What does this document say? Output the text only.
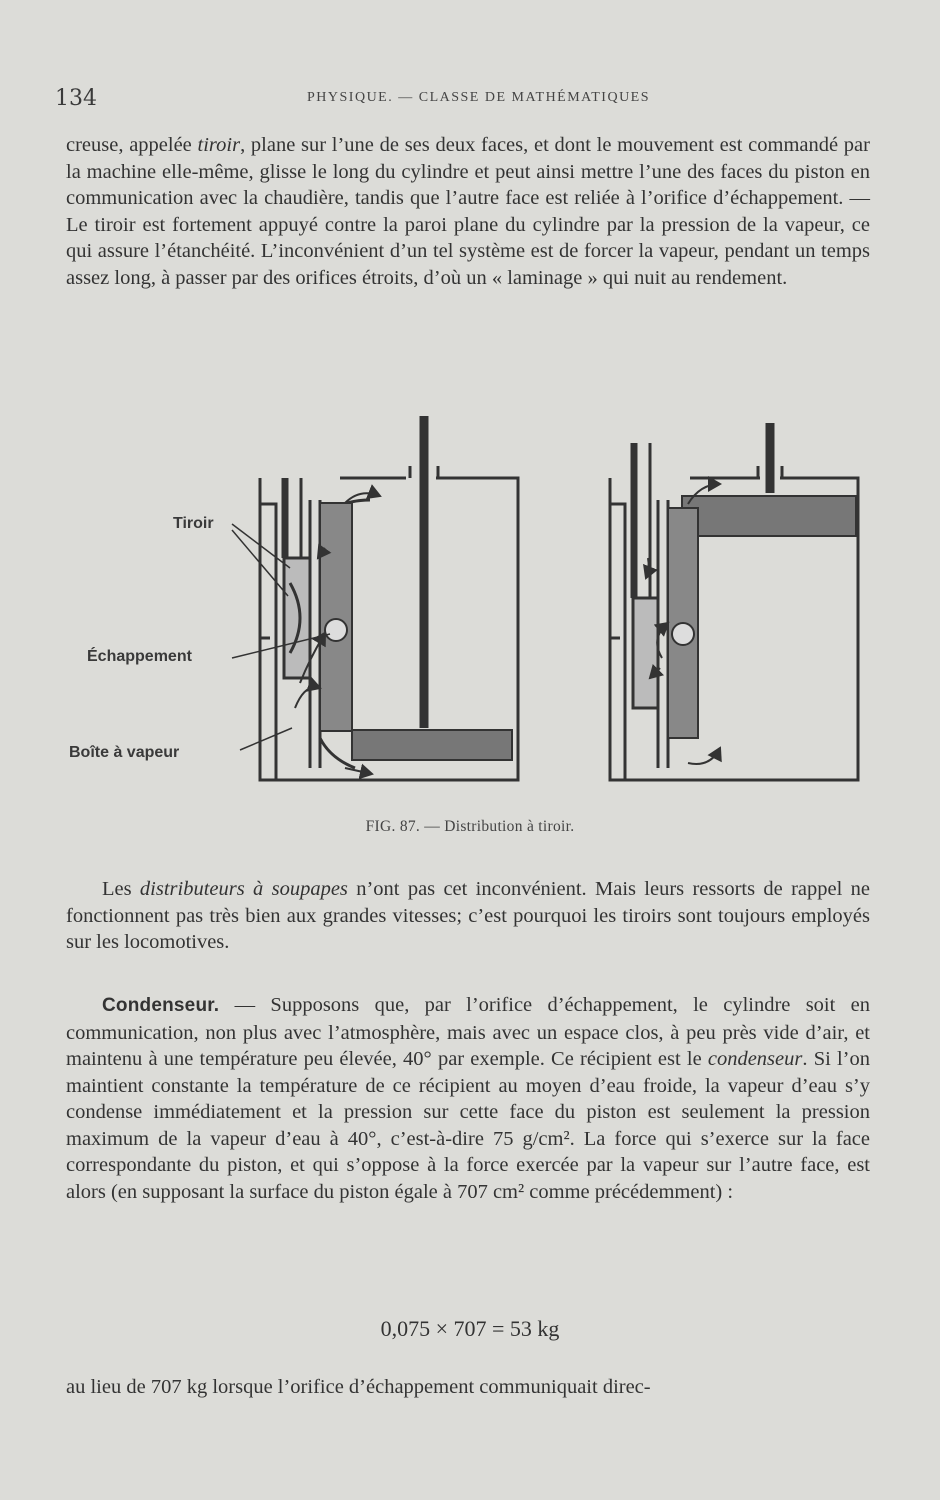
134	PHYSIQUE. — CLASSE DE MATHÉMATIQUES

creuse, appelée tiroir, plane sur l’une de ses deux faces, et dont le mouvement est commandé par la machine elle-même, glisse le long du cylindre et peut ainsi mettre l’une des faces du piston en communication avec la chaudière, tandis que l’autre face est reliée à l’orifice d’échappement. — Le tiroir est fortement appuyé contre la paroi plane du cylindre par la pression de la vapeur, ce qui assure l’étanchéité. L’inconvénient d’un tel système est de forcer la vapeur, pendant un temps assez long, à passer par des orifices étroits, d’où un « laminage » qui nuit au rendement.

Tiroir
Échappement
Boîte à vapeur
FIG. 87. — Distribution à tiroir.

Les distributeurs à soupapes n’ont pas cet inconvénient. Mais leurs ressorts de rappel ne fonctionnent pas très bien aux grandes vitesses; c’est pourquoi les tiroirs sont toujours employés sur les locomotives.

Condenseur. — Supposons que, par l’orifice d’échappement, le cylindre soit en communication, non plus avec l’atmosphère, mais avec un espace clos, à peu près vide d’air, et maintenu à une température peu élevée, 40° par exemple. Ce récipient est le condenseur. Si l’on maintient constante la température de ce récipient au moyen d’eau froide, la vapeur d’eau s’y condense immédiatement et la pression sur cette face du piston est seulement la pression maximum de la vapeur d’eau à 40°, c’est-à-dire 75 g/cm². La force qui s’exerce sur la face correspondante du piston, et qui s’oppose à la force exercée par la vapeur sur l’autre face, est alors (en supposant la surface du piston égale à 707 cm² comme précédemment) :

0,075 × 707 = 53 kg

au lieu de 707 kg lorsque l’orifice d’échappement communiquait direc-
